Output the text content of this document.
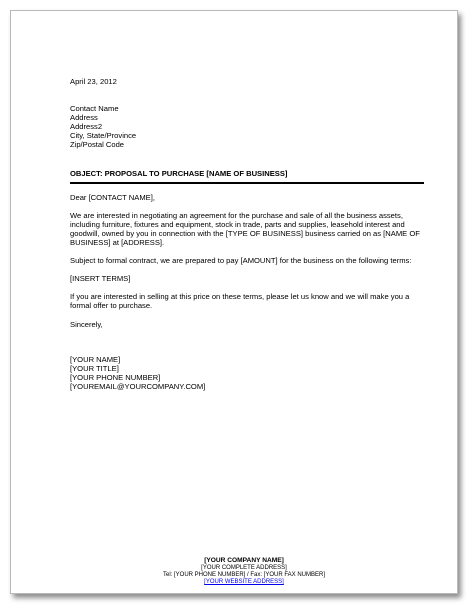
April 23, 2012
Contact Name
Address
Address2
City, State/Province
Zip/Postal Code
OBJECT: PROPOSAL TO PURCHASE [NAME OF BUSINESS]
Dear [CONTACT NAME],
We are interested in negotiating an agreement for the purchase and sale of all the business assets,
including furniture, fixtures and equipment, stock in trade, parts and supplies, leasehold interest and
goodwill, owned by you in connection with the [TYPE OF BUSINESS] business carried on as [NAME OF
BUSINESS] at [ADDRESS].
Subject to formal contract, we are prepared to pay [AMOUNT] for the business on the following terms:
[INSERT TERMS]
If you are interested in selling at this price on these terms, please let us know and we will make you a
formal offer to purchase.
Sincerely,
[YOUR NAME]
[YOUR TITLE]
[YOUR PHONE NUMBER]
[YOUREMAIL@YOURCOMPANY.COM]
[YOUR COMPANY NAME]
[YOUR COMPLETE ADDRESS]
Tel: [YOUR PHONE NUMBER] / Fax: [YOUR FAX NUMBER]
[YOUR WEBSITE ADDRESS]
